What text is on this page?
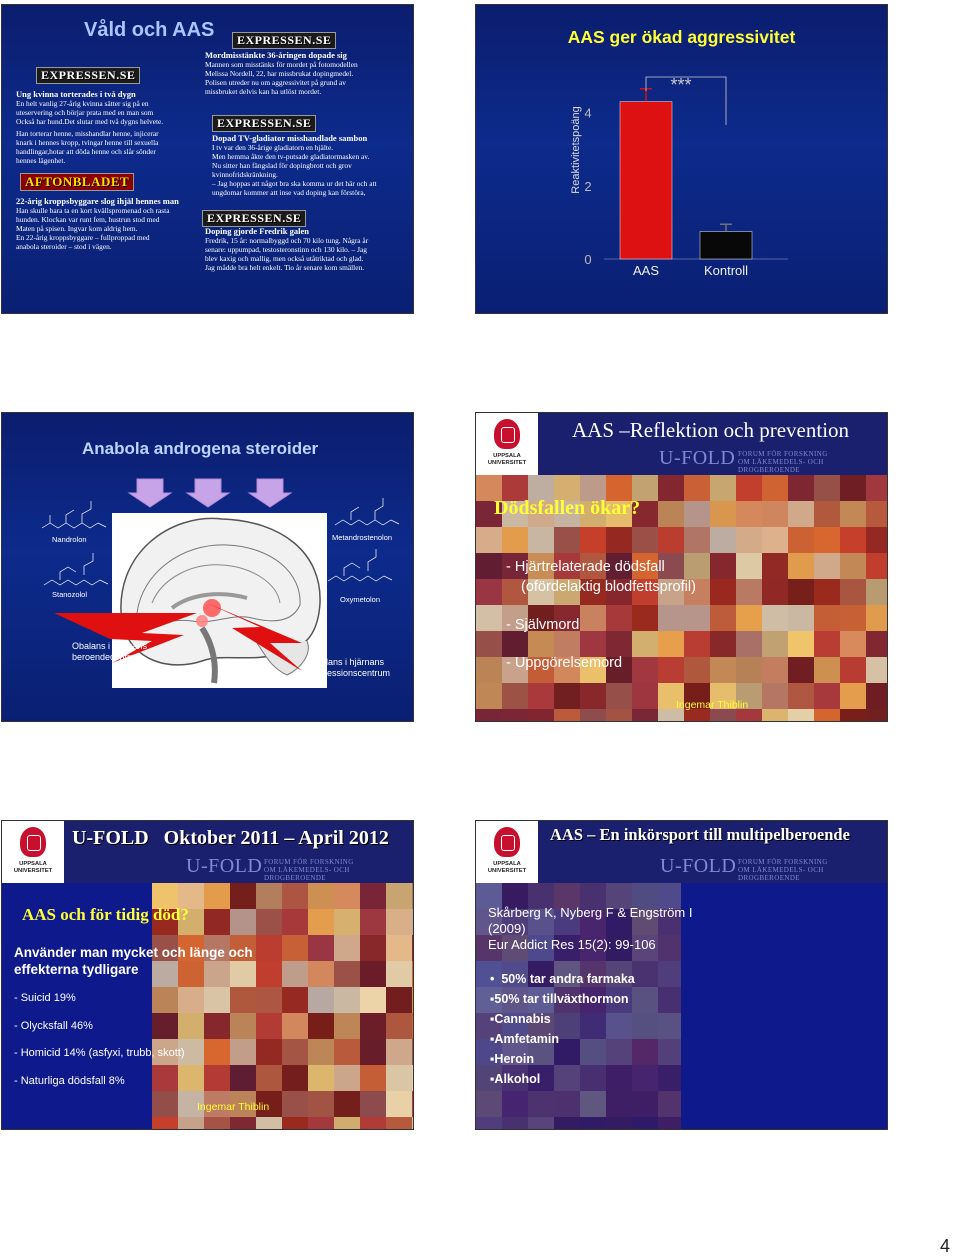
Våld och AAS
EXPRESSEN.SE
Ung kvinna torterades i två dygn
En helt vanlig 27-årig kvinna sätter sig på en
uteservering och börjar prata med en man som
Också har hund.Det slutar med två dygns helvete.
Han torterar henne, misshandlar henne, injicerar
knark i hennes kropp, tvingar henne till sexuella
handlingar,hotar att döda henne och slår sönder
hennes lägenhet.
AFTONBLADET
22-årig kroppsbyggare slog ihjäl hennes man
Han skulle bara ta en kort kvällspromenad och rasta
hunden. Klockan var runt fem, hustrun stod med
Maten på spisen. Ingvar kom aldrig hem.
En 22-årig kroppsbyggare – fullproppad med
anabola steroider – stod i vägen.
EXPRESSEN.SE
Mordmisstänkte 36-åringen dopade sig
Mannen som misstänks för mordet på fotomodellen
Melissa Nordell, 22, har missbrukat dopingmedel.
Polisen utreder nu om aggressivitet på grund av
missbruket delvis kan ha utlöst mordet.
EXPRESSEN.SE
Dopad TV-gladiator misshandlade sambon
I tv var den 36-årige gladiatorn en hjälte.
Men hemma åkte den tv-putsade gladiatormasken av.
Nu sitter han fängslad för dopingbrott och grov
kvinnofridskränkning.
– Jag hoppas att något bra ska komma ur det här och att
ungdomar kommer att inse vad doping kan förstöra,
EXPRESSEN.SE
Doping gjorde Fredrik galen
Fredrik, 15 år: normalbyggd och 70 kilo tung. Några år
senare: uppumpad, testosteronstinn och 130 kilo. – Jag
blev kaxig och mallig, men också utåtriktad och glad.
Jag mådde bra helt enkelt. Tio år senare kom smällen.
AAS ger ökad aggressivitet
0
2
4
Reaktivitetspoäng
AAS	Kontroll
***
Anabola androgena steroider
Nandrolon	Metandrostenolon
Stanozolol
Oxymetolon
Obalans i hjärnans
beroendecentrum	Obalans i hjärnans
aggressionscentrum
UPPSALA
UNIVERSITET
AAS –Reflektion och prevention
U-FOLD FORUM FÖR FORSKNING
OM LÄKEMEDELS- OCH DROGBEROENDE
Dödsfallen ökar?
- Hjärtrelaterade dödsfall
(ofördelaktig blodfettsprofil)
- Självmord
- Uppgörelsemord
Ingemar Thiblin
UPPSALA
UNIVERSITET
U-FOLD   Oktober 2011 – April 2012
U-FOLD FORUM FÖR FORSKNING
OM LÄKEMEDELS- OCH DROGBEROENDE
AAS och för tidig död?
Använder man mycket och länge och
effekterna tydligare
- Suicid 19%
- Olycksfall 46%
- Homicid 14% (asfyxi, trubb, skott)
- Naturliga dödsfall 8%
Ingemar Thiblin
UPPSALA
UNIVERSITET
AAS – En inkörsport till multipelberoende
U-FOLD FORUM FÖR FORSKNING
OM LÄKEMEDELS- OCH DROGBEROENDE
Skårberg K, Nyberg F & Engström I
(2009)
Eur Addict Res 15(2): 99-106
•  50% tar andra farmaka
▪50% tar tillväxthormon
▪Cannabis
▪Amfetamin
▪Heroin
▪Alkohol
4
